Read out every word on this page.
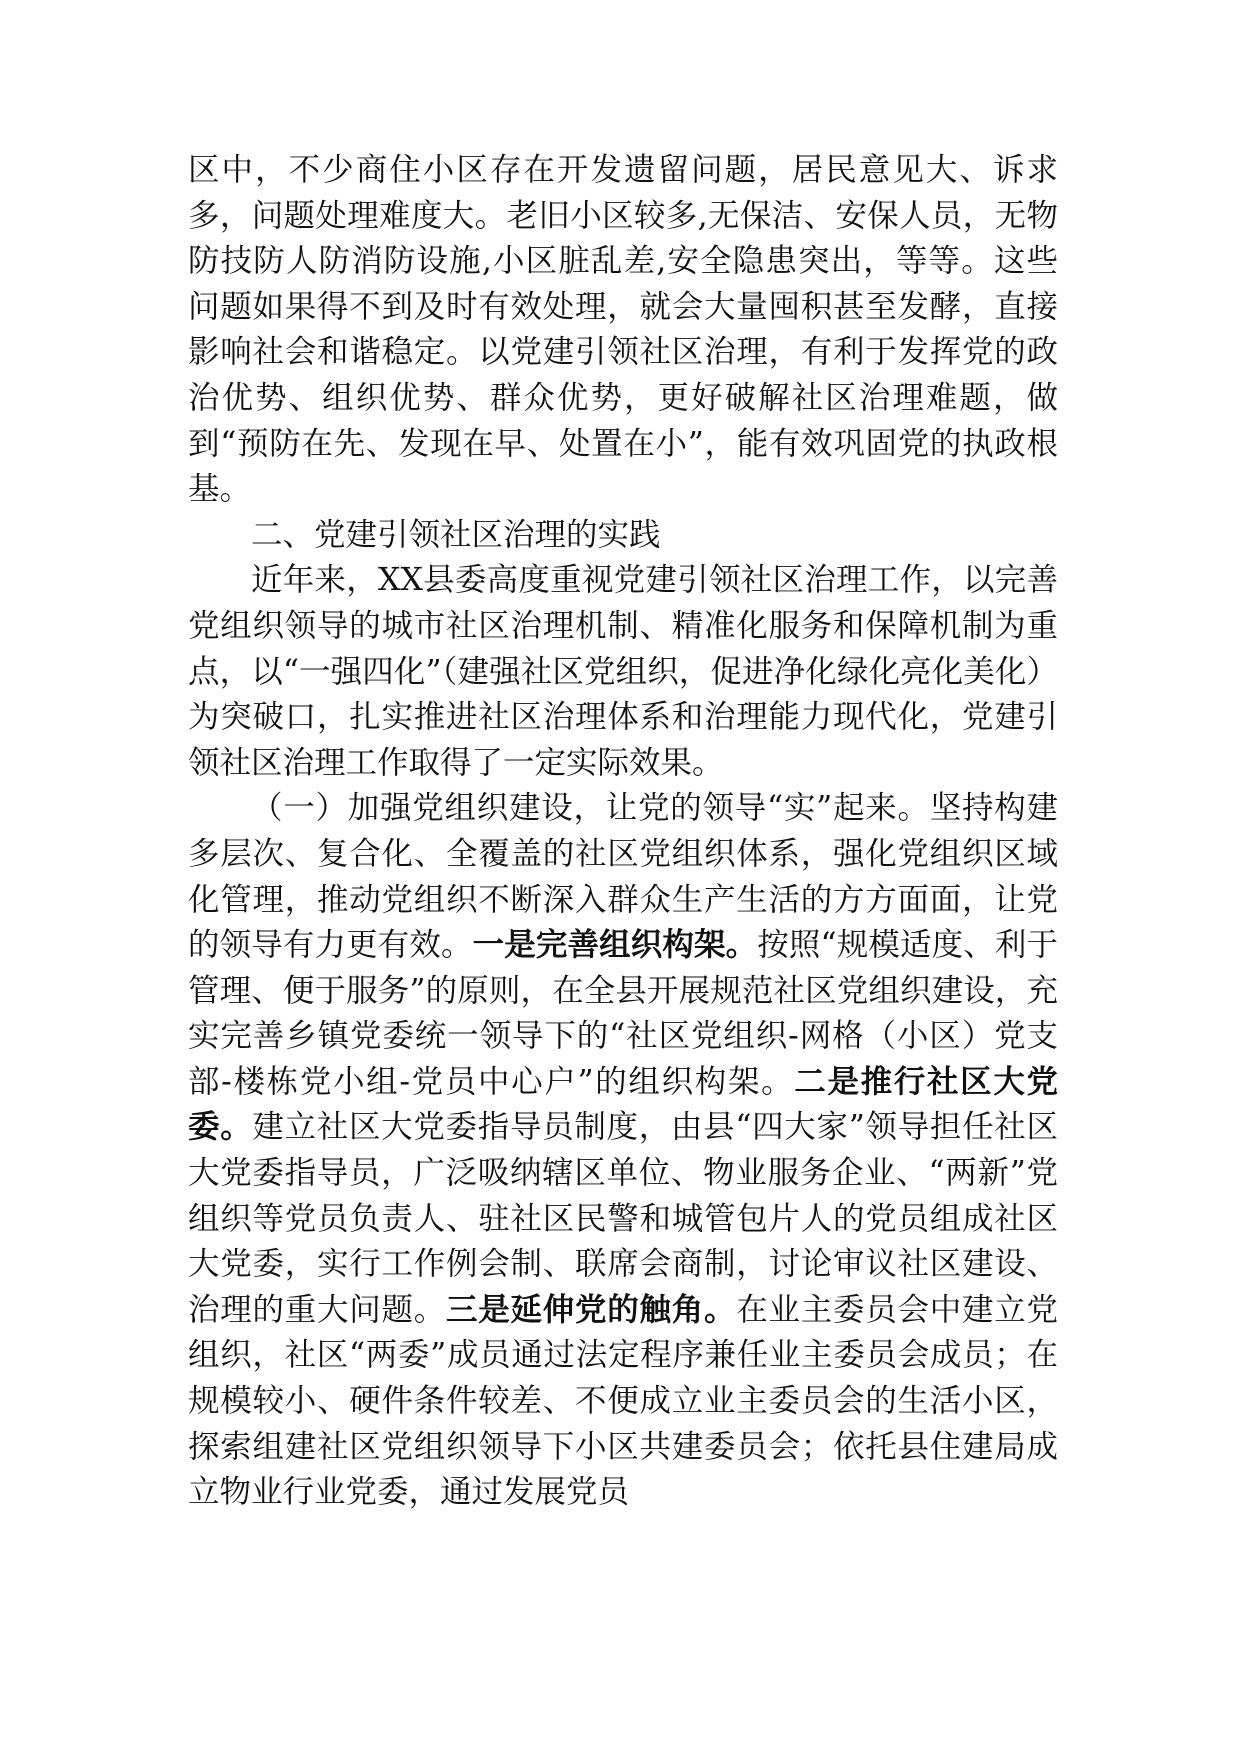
区中，不少商住小区存在开发遗留问题，居民意见大、诉求多，问题处理难度大。老旧小区较多,无保洁、安保人员，无物防技防人防消防设施,小区脏乱差,安全隐患突出，等等。这些问题如果得不到及时有效处理，就会大量囤积甚至发酵，直接影响社会和谐稳定。以党建引领社区治理，有利于发挥党的政治优势、组织优势、群众优势，更好破解社区治理难题，做到“预防在先、发现在早、处置在小”，能有效巩固党的执政根基。

二、党建引领社区治理的实践

近年来，XX县委高度重视党建引领社区治理工作，以完善党组织领导的城市社区治理机制、精准化服务和保障机制为重点，以“一强四化”（建强社区党组织，促进净化绿化亮化美化）为突破口，扎实推进社区治理体系和治理能力现代化，党建引领社区治理工作取得了一定实际效果。

（一）加强党组织建设，让党的领导“实”起来。坚持构建多层次、复合化、全覆盖的社区党组织体系，强化党组织区域化管理，推动党组织不断深入群众生产生活的方方面面，让党的领导有力更有效。一是完善组织构架。按照“规模适度、利于管理、便于服务”的原则，在全县开展规范社区党组织建设，充实完善乡镇党委统一领导下的“社区党组织-网格（小区）党支部-楼栋党小组-党员中心户”的组织构架。二是推行社区大党委。建立社区大党委指导员制度，由县“四大家”领导担任社区大党委指导员，广泛吸纳辖区单位、物业服务企业、“两新”党组织等党员负责人、驻社区民警和城管包片人的党员组成社区大党委，实行工作例会制、联席会商制，讨论审议社区建设、治理的重大问题。三是延伸党的触角。在业主委员会中建立党组织，社区“两委”成员通过法定程序兼任业主委员会成员；在规模较小、硬件条件较差、不便成立业主委员会的生活小区，探索组建社区党组织领导下小区共建委员会；依托县住建局成立物业行业党委，通过发展党员
